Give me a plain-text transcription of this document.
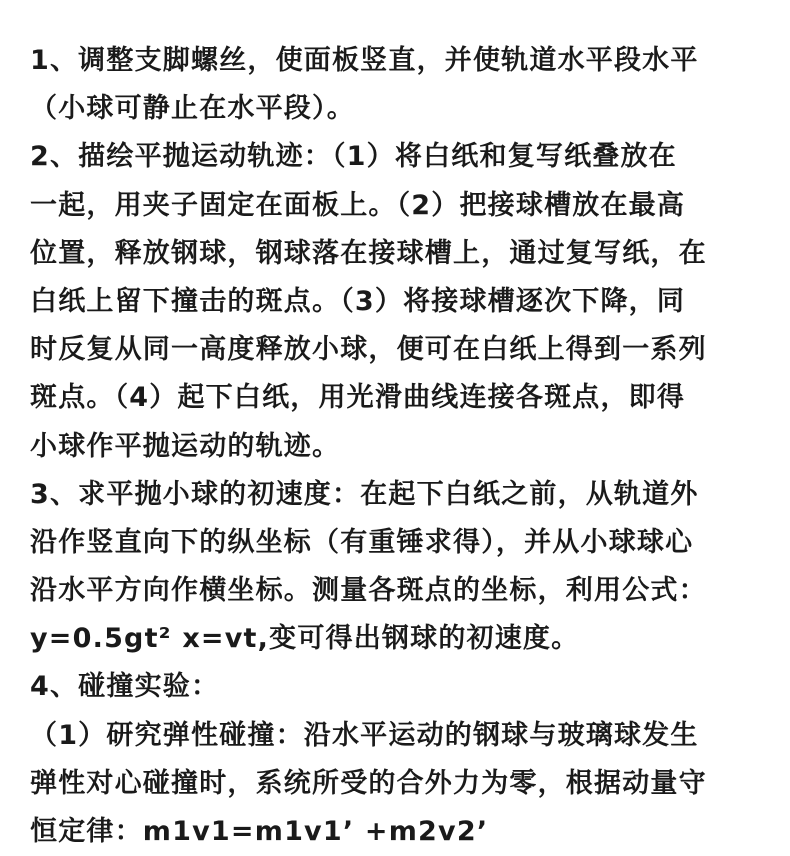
1、调整支脚螺丝，使面板竖直，并使轨道水平段水平
（小球可静止在水平段）。
2、描绘平抛运动轨迹：（1）将白纸和复写纸叠放在
一起，用夹子固定在面板上。（2）把接球槽放在最高
位置，释放钢球，钢球落在接球槽上，通过复写纸，在
白纸上留下撞击的斑点。（3）将接球槽逐次下降，同
时反复从同一高度释放小球，便可在白纸上得到一系列
斑点。（4）起下白纸，用光滑曲线连接各斑点，即得
小球作平抛运动的轨迹。
3、求平抛小球的初速度：在起下白纸之前，从轨道外
沿作竖直向下的纵坐标（有重锤求得），并从小球球心
沿水平方向作横坐标。测量各斑点的坐标，利用公式：
y=0.5gt² x=vt,变可得出钢球的初速度。
4、碰撞实验：
（1）研究弹性碰撞：沿水平运动的钢球与玻璃球发生
弹性对心碰撞时，系统所受的合外力为零，根据动量守
恒定律：m1v1=m1v1’ +m2v2’
